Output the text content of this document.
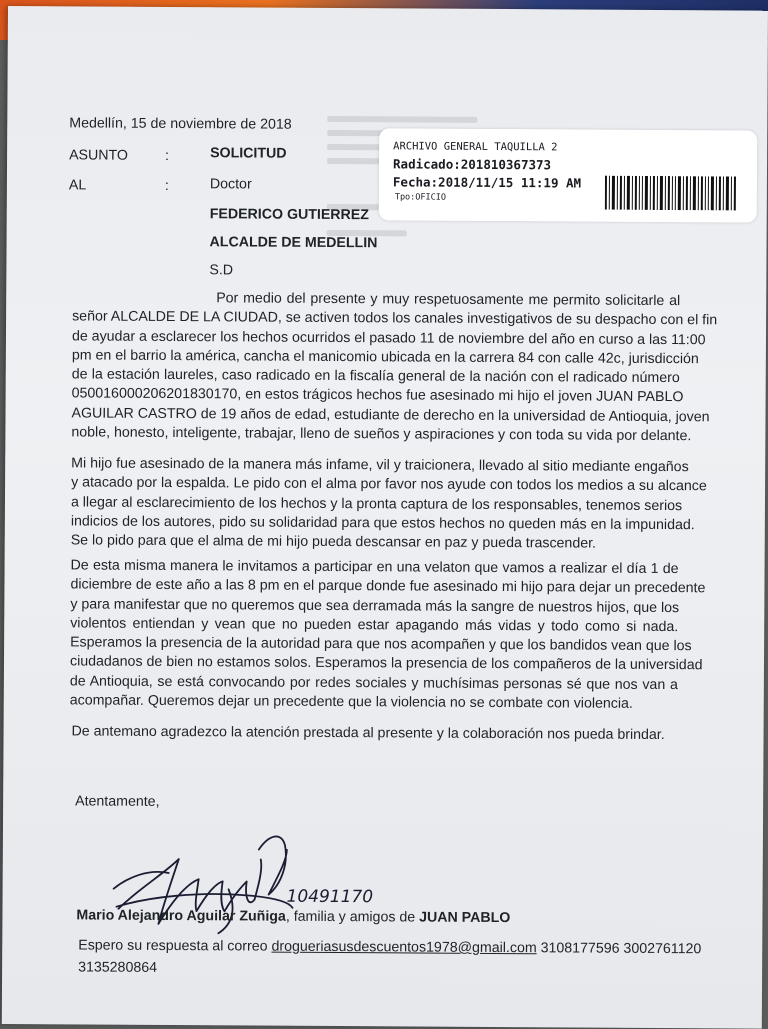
Medellín, 15 de noviembre de 2018
ASUNTO	:	SOLICITUD
AL	:	Doctor
FEDERICO GUTIERREZ
ALCALDE DE MEDELLIN
S.D
ARCHIVO GENERAL TAQUILLA 2
Radicado:201810367373
Fecha:2018/11/15 11:19 AM
Tpo:OFICIO
Por medio del presente y muy respetuosamente me permito solicitarle al
señor ALCALDE DE LA CIUDAD, se activen todos los canales investigativos de su despacho con el fin
de ayudar a esclarecer los hechos ocurridos el pasado 11 de noviembre del año en curso a las 11:00
pm en el barrio la américa, cancha el manicomio ubicada en la carrera 84 con calle 42c, jurisdicción
de la estación laureles, caso radicado en la fiscalía general de la nación con el radicado número
050016000206201830170, en estos trágicos hechos fue asesinado mi hijo el joven JUAN PABLO
AGUILAR CASTRO de 19 años de edad, estudiante de derecho en la universidad de Antioquia, joven
noble, honesto, inteligente, trabajar, lleno de sueños y aspiraciones y con toda su vida por delante.
Mi hijo fue asesinado de la manera más infame, vil y traicionera, llevado al sitio mediante engaños
y atacado por la espalda. Le pido con el alma por favor nos ayude con todos los medios a su alcance
a llegar al esclarecimiento de los hechos y la pronta captura de los responsables, tenemos serios
indicios de los autores, pido su solidaridad para que estos hechos no queden más en la impunidad.
Se lo pido para que el alma de mi hijo pueda descansar en paz y pueda trascender.
De esta misma manera le invitamos a participar en una velaton que vamos a realizar el día 1 de
diciembre de este año a las 8 pm en el parque donde fue asesinado mi hijo para dejar un precedente
y para manifestar que no queremos que sea derramada más la sangre de nuestros hijos, que los
violentos entiendan y vean que no pueden estar apagando más vidas y todo como si nada.
Esperamos la presencia de la autoridad para que nos acompañen y que los bandidos vean que los
ciudadanos de bien no estamos solos. Esperamos la presencia de los compañeros de la universidad
de Antioquia, se está convocando por redes sociales y muchísimas personas sé que nos van a
acompañar. Queremos dejar un precedente que la violencia no se combate con violencia.
De antemano agradezco la atención prestada al presente y la colaboración nos pueda brindar.
Atentamente,
10491170
Mario Alejandro Aguilar Zuñiga, familia y amigos de JUAN PABLO
Espero su respuesta al correo drogueriasusdescuentos1978@gmail.com 3108177596 3002761120
3135280864
